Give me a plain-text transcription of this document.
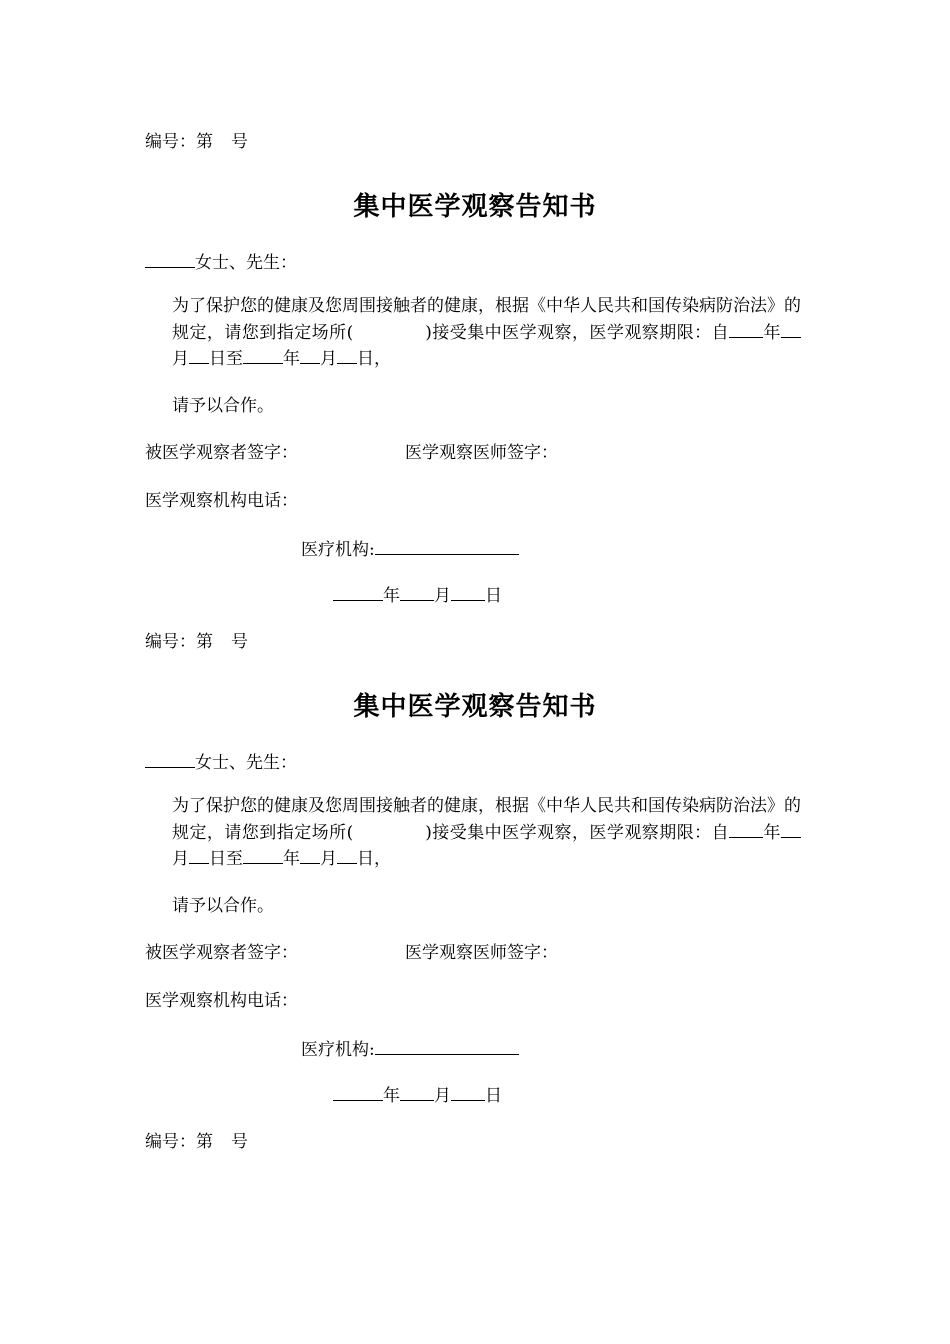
编号：第 号
集中医学观察告知书
女士、先生：
为了保护您的健康及您周围接触者的健康，根据《中华人民共和国传染病防治法》的规定，请您到指定场所(	)接受集中医学观察，医学观察期限：自 年月 日至 年 月 日，
请予以合作。
被医学观察者签字：	医学观察医师签字：
医学观察机构电话：
医疗机构:
年 月 日
编号：第 号
集中医学观察告知书
女士、先生：
为了保护您的健康及您周围接触者的健康，根据《中华人民共和国传染病防治法》的规定，请您到指定场所(	)接受集中医学观察，医学观察期限：自 年月 日至 年 月 日，
请予以合作。
被医学观察者签字：	医学观察医师签字：
医学观察机构电话：
医疗机构:
年 月 日
编号：第 号
